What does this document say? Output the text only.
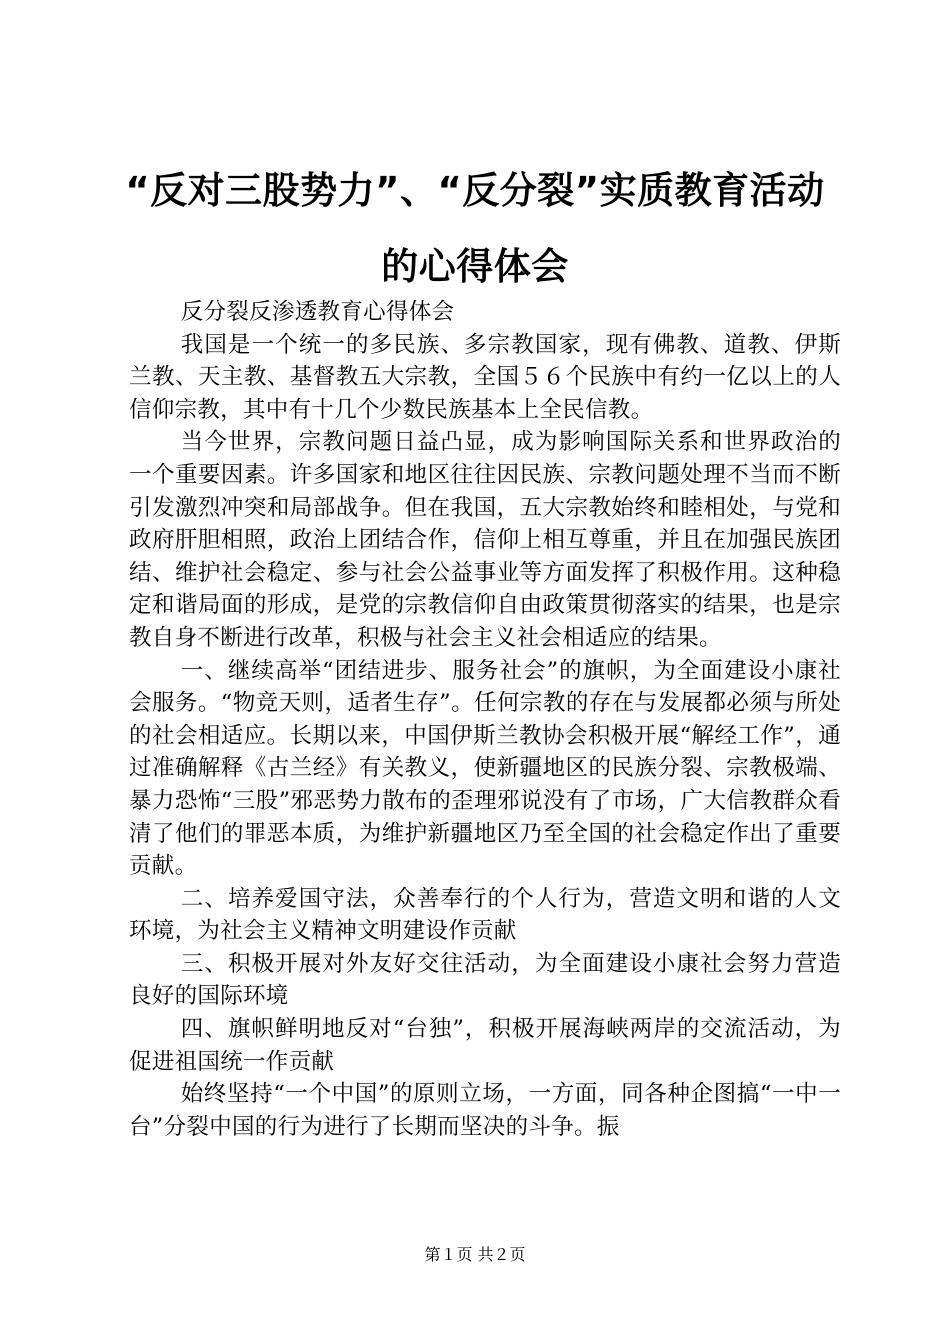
“反对三股势力”、“反分裂”实质教育活动
的心得体会

反分裂反渗透教育心得体会

我国是一个统一的多民族、多宗教国家，现有佛教、道教、伊斯兰教、天主教、基督教五大宗教，全国５６个民族中有约一亿以上的人信仰宗教，其中有十几个少数民族基本上全民信教。

当今世界，宗教问题日益凸显，成为影响国际关系和世界政治的一个重要因素。许多国家和地区往往因民族、宗教问题处理不当而不断引发激烈冲突和局部战争。但在我国，五大宗教始终和睦相处，与党和政府肝胆相照，政治上团结合作，信仰上相互尊重，并且在加强民族团结、维护社会稳定、参与社会公益事业等方面发挥了积极作用。这种稳定和谐局面的形成，是党的宗教信仰自由政策贯彻落实的结果，也是宗教自身不断进行改革，积极与社会主义社会相适应的结果。

一、继续高举“团结进步、服务社会”的旗帜，为全面建设小康社会服务。“物竞天则，适者生存”。任何宗教的存在与发展都必须与所处的社会相适应。长期以来，中国伊斯兰教协会积极开展“解经工作”，通过准确解释《古兰经》有关教义，使新疆地区的民族分裂、宗教极端、暴力恐怖“三股”邪恶势力散布的歪理邪说没有了市场，广大信教群众看清了他们的罪恶本质，为维护新疆地区乃至全国的社会稳定作出了重要贡献。

二、培养爱国守法，众善奉行的个人行为，营造文明和谐的人文环境，为社会主义精神文明建设作贡献

三、积极开展对外友好交往活动，为全面建设小康社会努力营造良好的国际环境

四、旗帜鲜明地反对“台独”，积极开展海峡两岸的交流活动，为促进祖国统一作贡献

始终坚持“一个中国”的原则立场，一方面，同各种企图搞“一中一台”分裂中国的行为进行了长期而坚决的斗争。振

第１页 共２页
